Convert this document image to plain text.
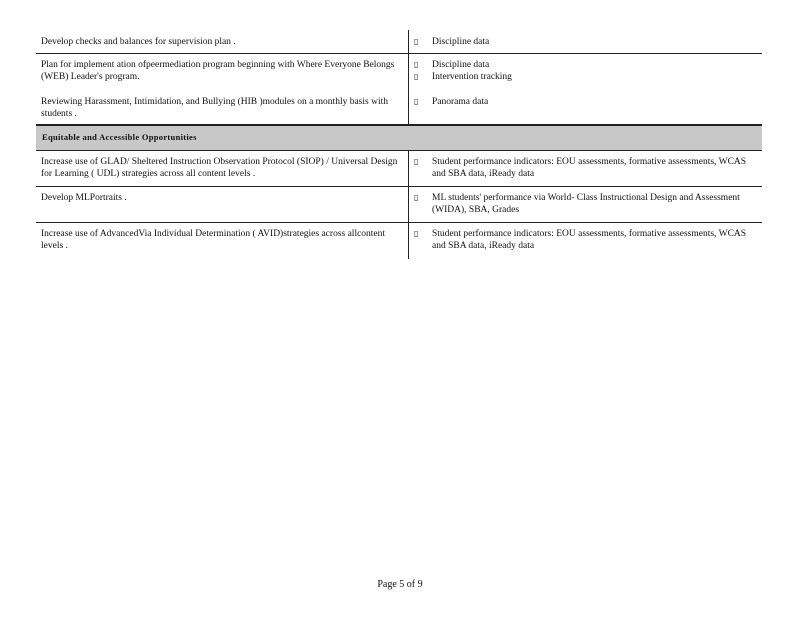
Develop checks and balances for supervision plan .	▯ Discipline data
Plan for implement ation ofpeermediation program beginning with Where Everyone Belongs (WEB) Leader's program.
Reviewing Harassment, Intimidation, and Bullying (HIB )modules on a monthly basis with students .
▯ Discipline data
▯ Intervention tracking
▯ Panorama data
Equitable and Accessible Opportunities
Increase use of GLAD/ Sheltered Instruction Observation Protocol (SIOP) / Universal Design for Learning ( UDL) strategies across all content levels .
▯ Student performance indicators: EOU assessments, formative assessments, WCAS and SBA data, iReady data
Develop MLPortraits .	▯ ML students' performance via World- Class Instructional Design and Assessment (WIDA), SBA, Grades
Increase use of AdvancedVia Individual Determination ( AVID)strategies across allcontent levels .
▯ Student performance indicators: EOU assessments, formative assessments, WCAS and SBA data, iReady data
Page 5 of 9
